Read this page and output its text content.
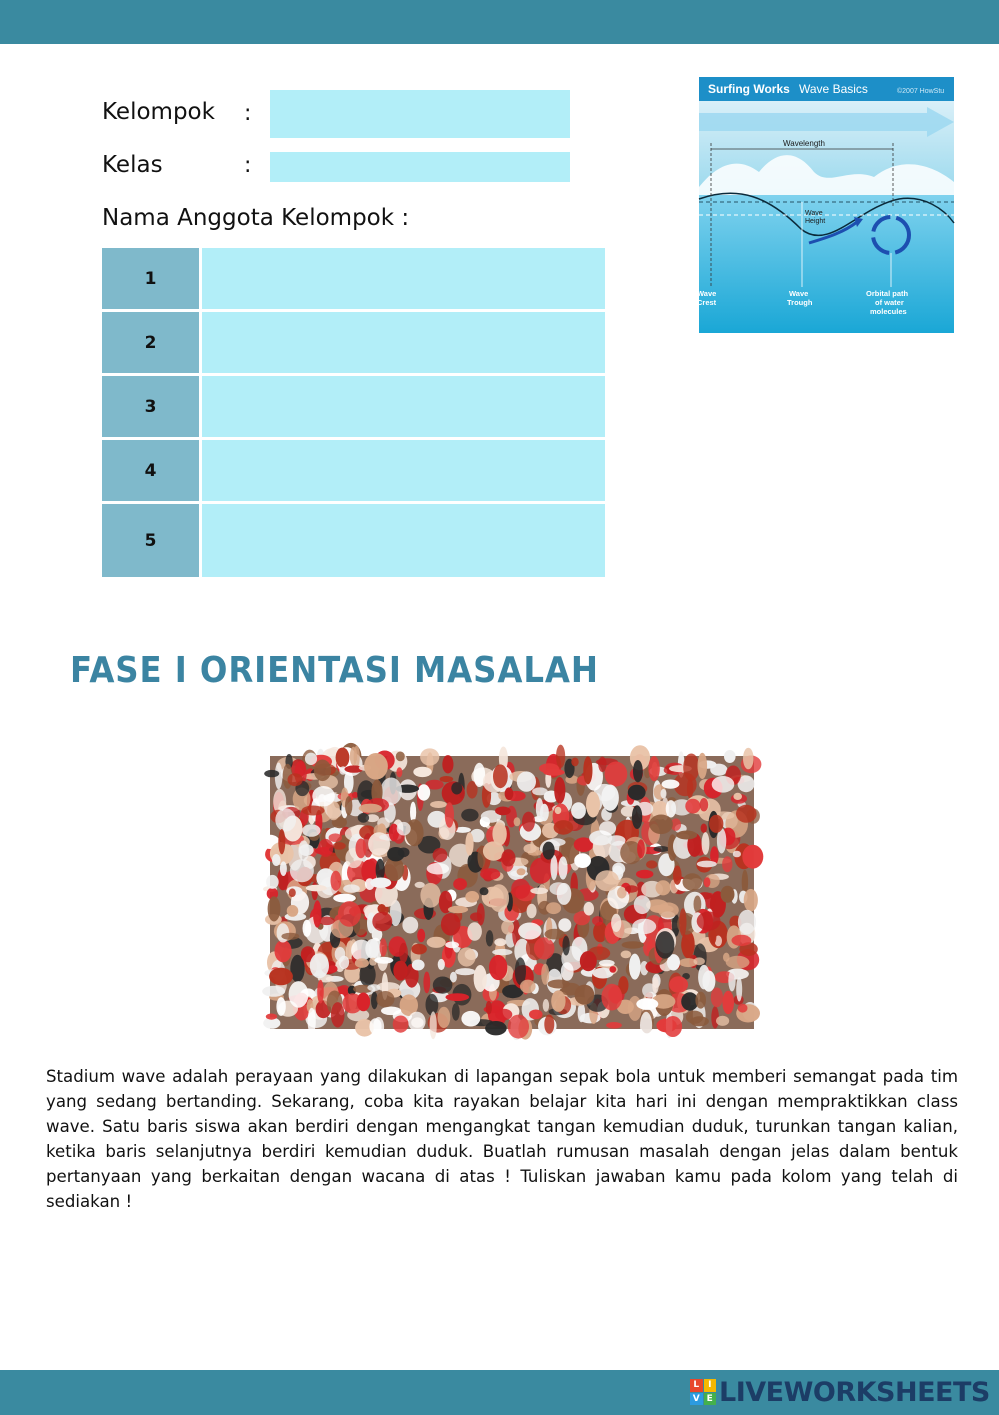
Kelompok :
Kelas	:
Nama Anggota Kelompok :
1
2
3
4
5
Surfing Works Wave Basics	©2007 HowStu
Wavelength
Wave
Height
Wave
Crest
Wave
Trough
Orbital path
of water
molecules
FASE I ORIENTASI MASALAH
Stadium wave adalah perayaan yang dilakukan di lapangan sepak bola untuk memberi semangat pada tim yang sedang bertanding. Sekarang, coba kita rayakan belajar kita hari ini dengan mempraktikkan class wave. Satu baris siswa akan berdiri dengan mengangkat tangan kemudian duduk, turunkan tangan kalian, ketika baris selanjutnya berdiri kemudian duduk. Buatlah rumusan masalah dengan jelas dalam bentuk pertanyaan yang berkaitan dengan wacana di atas ! Tuliskan jawaban kamu pada kolom yang telah di sediakan !
L I
V E LIVEWORKSHEETS
